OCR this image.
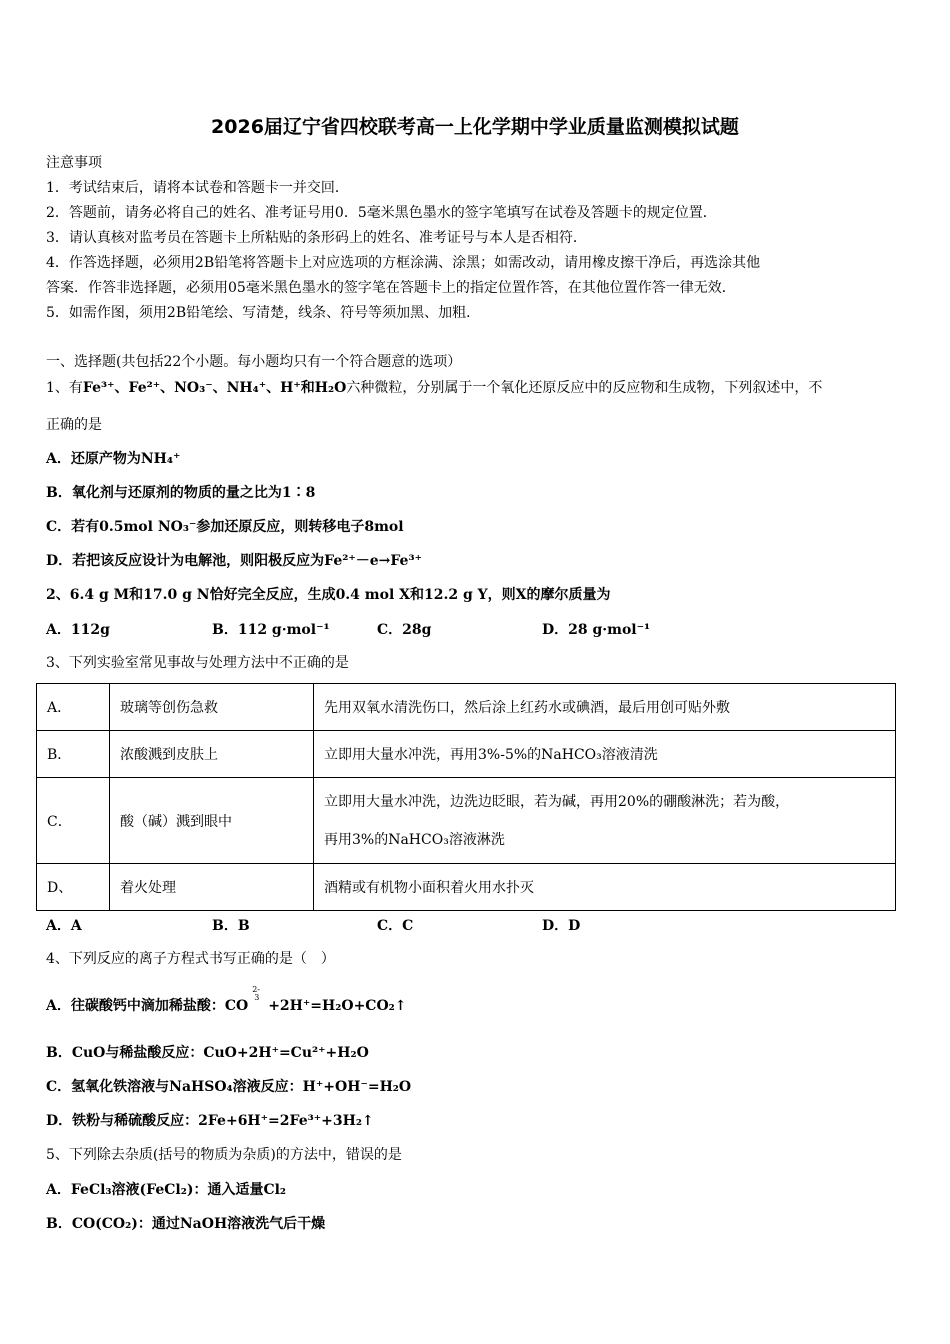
2026届辽宁省四校联考高一上化学期中学业质量监测模拟试题
注意事项
1．考试结束后，请将本试卷和答题卡一并交回．
2．答题前，请务必将自己的姓名、准考证号用0．5毫米黑色墨水的签字笔填写在试卷及答题卡的规定位置．
3．请认真核对监考员在答题卡上所粘贴的条形码上的姓名、准考证号与本人是否相符．
4．作答选择题，必须用2B铅笔将答题卡上对应选项的方框涂满、涂黑；如需改动，请用橡皮擦干净后，再选涂其他
答案．作答非选择题，必须用05毫米黑色墨水的签字笔在答题卡上的指定位置作答，在其他位置作答一律无效．
5．如需作图，须用2B铅笔绘、写清楚，线条、符号等须加黑、加粗．
一、选择题(共包括22个小题。每小题均只有一个符合题意的选项）
1、有Fe³⁺、Fe²⁺、NO₃⁻、NH₄⁺、H⁺和H₂O六种微粒，分别属于一个氧化还原反应中的反应物和生成物，下列叙述中，不
正确的是
A．还原产物为NH₄⁺
B．氧化剂与还原剂的物质的量之比为1∶8
C．若有0.5mol NO₃⁻参加还原反应，则转移电子8mol
D．若把该反应设计为电解池，则阳极反应为Fe²⁺－e→Fe³⁺
2、6.4 g M和17.0 g N恰好完全反应，生成0.4 mol X和12.2 g Y，则X的摩尔质量为
A．112g	B．112 g·mol⁻¹	C．28g	D．28 g·mol⁻¹
3、下列实验室常见事故与处理方法中不正确的是
A．	玻璃等创伤急救	先用双氧水清洗伤口，然后涂上红药水或碘酒，最后用创可贴外敷
B．	浓酸溅到皮肤上	立即用大量水冲洗，再用3%-5%的NaHCO₃溶液清洗
C．	酸（碱）溅到眼中	立即用大量水冲洗，边洗边眨眼，若为碱，再用20%的硼酸淋洗；若为酸，
再用3%的NaHCO₃溶液淋洗

D、	着火处理	酒精或有机物小面积着火用水扑灭
A．A	B．B	C．C	D．D
4、下列反应的离子方程式书写正确的是（　）
A．往碳酸钙中滴加稀盐酸：CO
2-
3
+2H⁺=H₂O+CO₂↑
B．CuO与稀盐酸反应：CuO+2H⁺=Cu²⁺+H₂O
C．氢氧化铁溶液与NaHSO₄溶液反应：H⁺+OH⁻=H₂O
D．铁粉与稀硫酸反应：2Fe+6H⁺=2Fe³⁺+3H₂↑
5、下列除去杂质(括号的物质为杂质)的方法中，错误的是
A．FeCl₃溶液(FeCl₂)：通入适量Cl₂
B．CO(CO₂)：通过NaOH溶液洗气后干燥
